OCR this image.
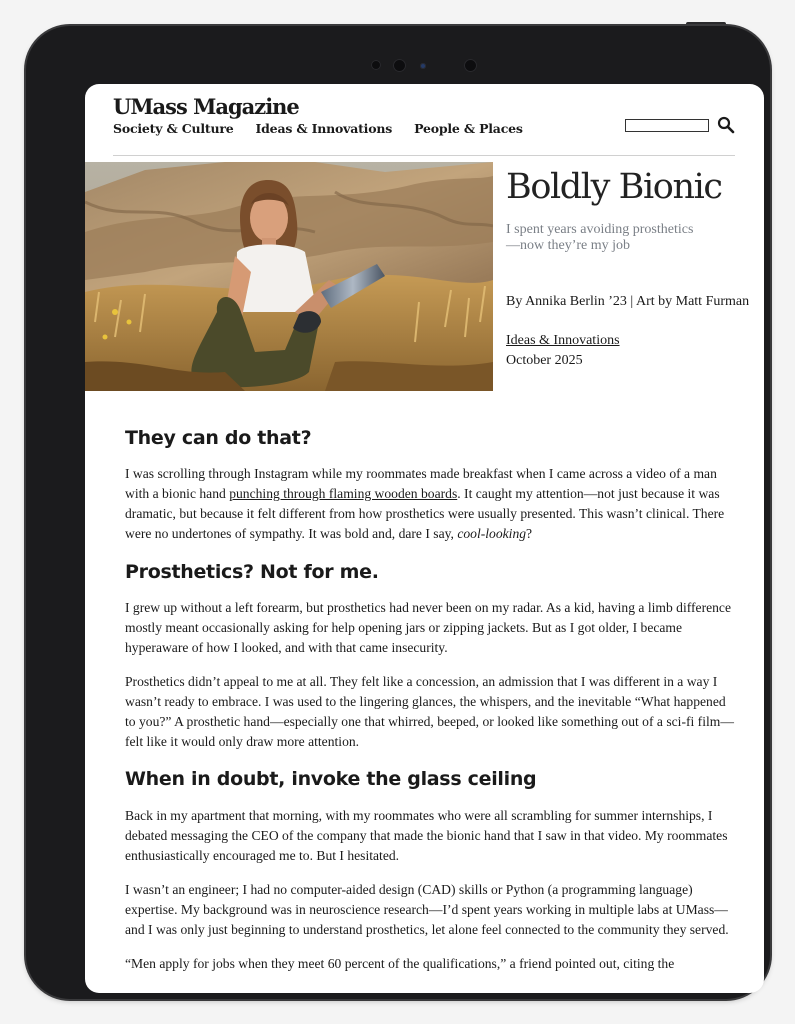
UMass Magazine
Society & Culture Ideas & Innovations People & Places
Boldly Bionic
I spent years avoiding prosthetics
—now they’re my job
By Annika Berlin ’23 | Art by Matt Furman
Ideas & Innovations
October 2025
They can do that?

I was scrolling through Instagram while my roommates made breakfast when I came across a video of a man with a bionic hand punching through flaming wooden boards. It caught my attention—not just because it was dramatic, but because it felt different from how prosthetics were usually presented. This wasn’t clinical. There were no undertones of sympathy. It was bold and, dare I say, cool-looking?

Prosthetics? Not for me.

I grew up without a left forearm, but prosthetics had never been on my radar. As a kid, having a limb difference mostly meant occasionally asking for help opening jars or zipping jackets. But as I got older, I became hyperaware of how I looked, and with that came insecurity.

Prosthetics didn’t appeal to me at all. They felt like a concession, an admission that I was different in a way I wasn’t ready to embrace. I was used to the lingering glances, the whispers, and the inevitable “What happened to you?” A prosthetic hand—especially one that whirred, beeped, or looked like something out of a sci-fi film—felt like it would only draw more attention.

When in doubt, invoke the glass ceiling

Back in my apartment that morning, with my roommates who were all scrambling for summer internships, I debated messaging the CEO of the company that made the bionic hand that I saw in that video. My roommates enthusiastically encouraged me to. But I hesitated.

I wasn’t an engineer; I had no computer-aided design (CAD) skills or Python (a programming language) expertise. My background was in neuroscience research—I’d spent years working in multiple labs at UMass—and I was only just beginning to understand prosthetics, let alone feel connected to the community they served.

“Men apply for jobs when they meet 60 percent of the qualifications,” a friend pointed out, citing the
